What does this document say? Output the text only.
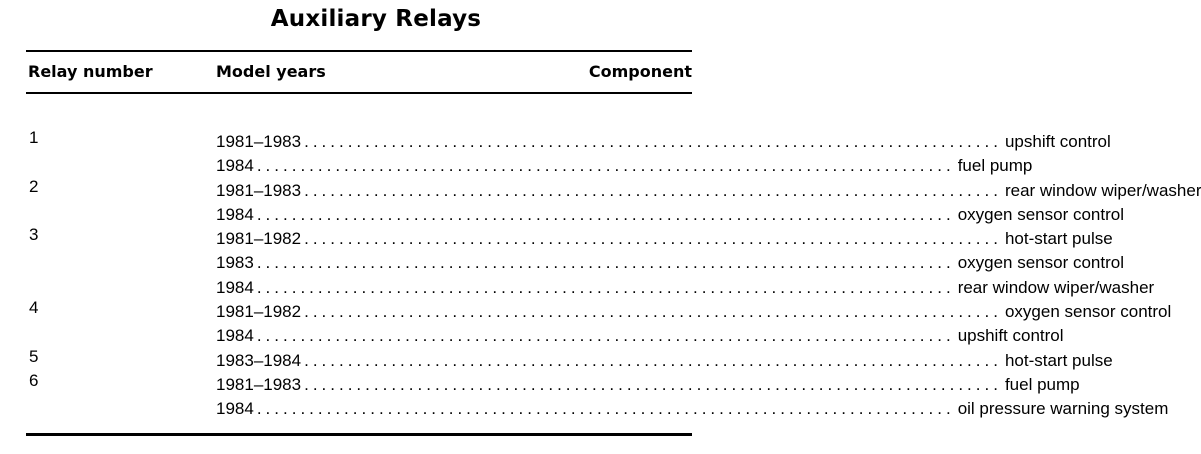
Auxiliary Relays
Relay number	Model years	Component
1	1981–1983 ................................................................................ upshift control
1984 ................................................................................ fuel pump
2	1981–1983 ................................................................................ rear window wiper/washer
1984 ................................................................................ oxygen sensor control
3	1981–1982 ................................................................................ hot-start pulse
1983 ................................................................................ oxygen sensor control
1984 ................................................................................ rear window wiper/washer
4	1981–1982 ................................................................................ oxygen sensor control
1984 ................................................................................ upshift control
5	1983–1984 ................................................................................ hot-start pulse
6	1981–1983 ................................................................................ fuel pump
1984 ................................................................................ oil pressure warning system
